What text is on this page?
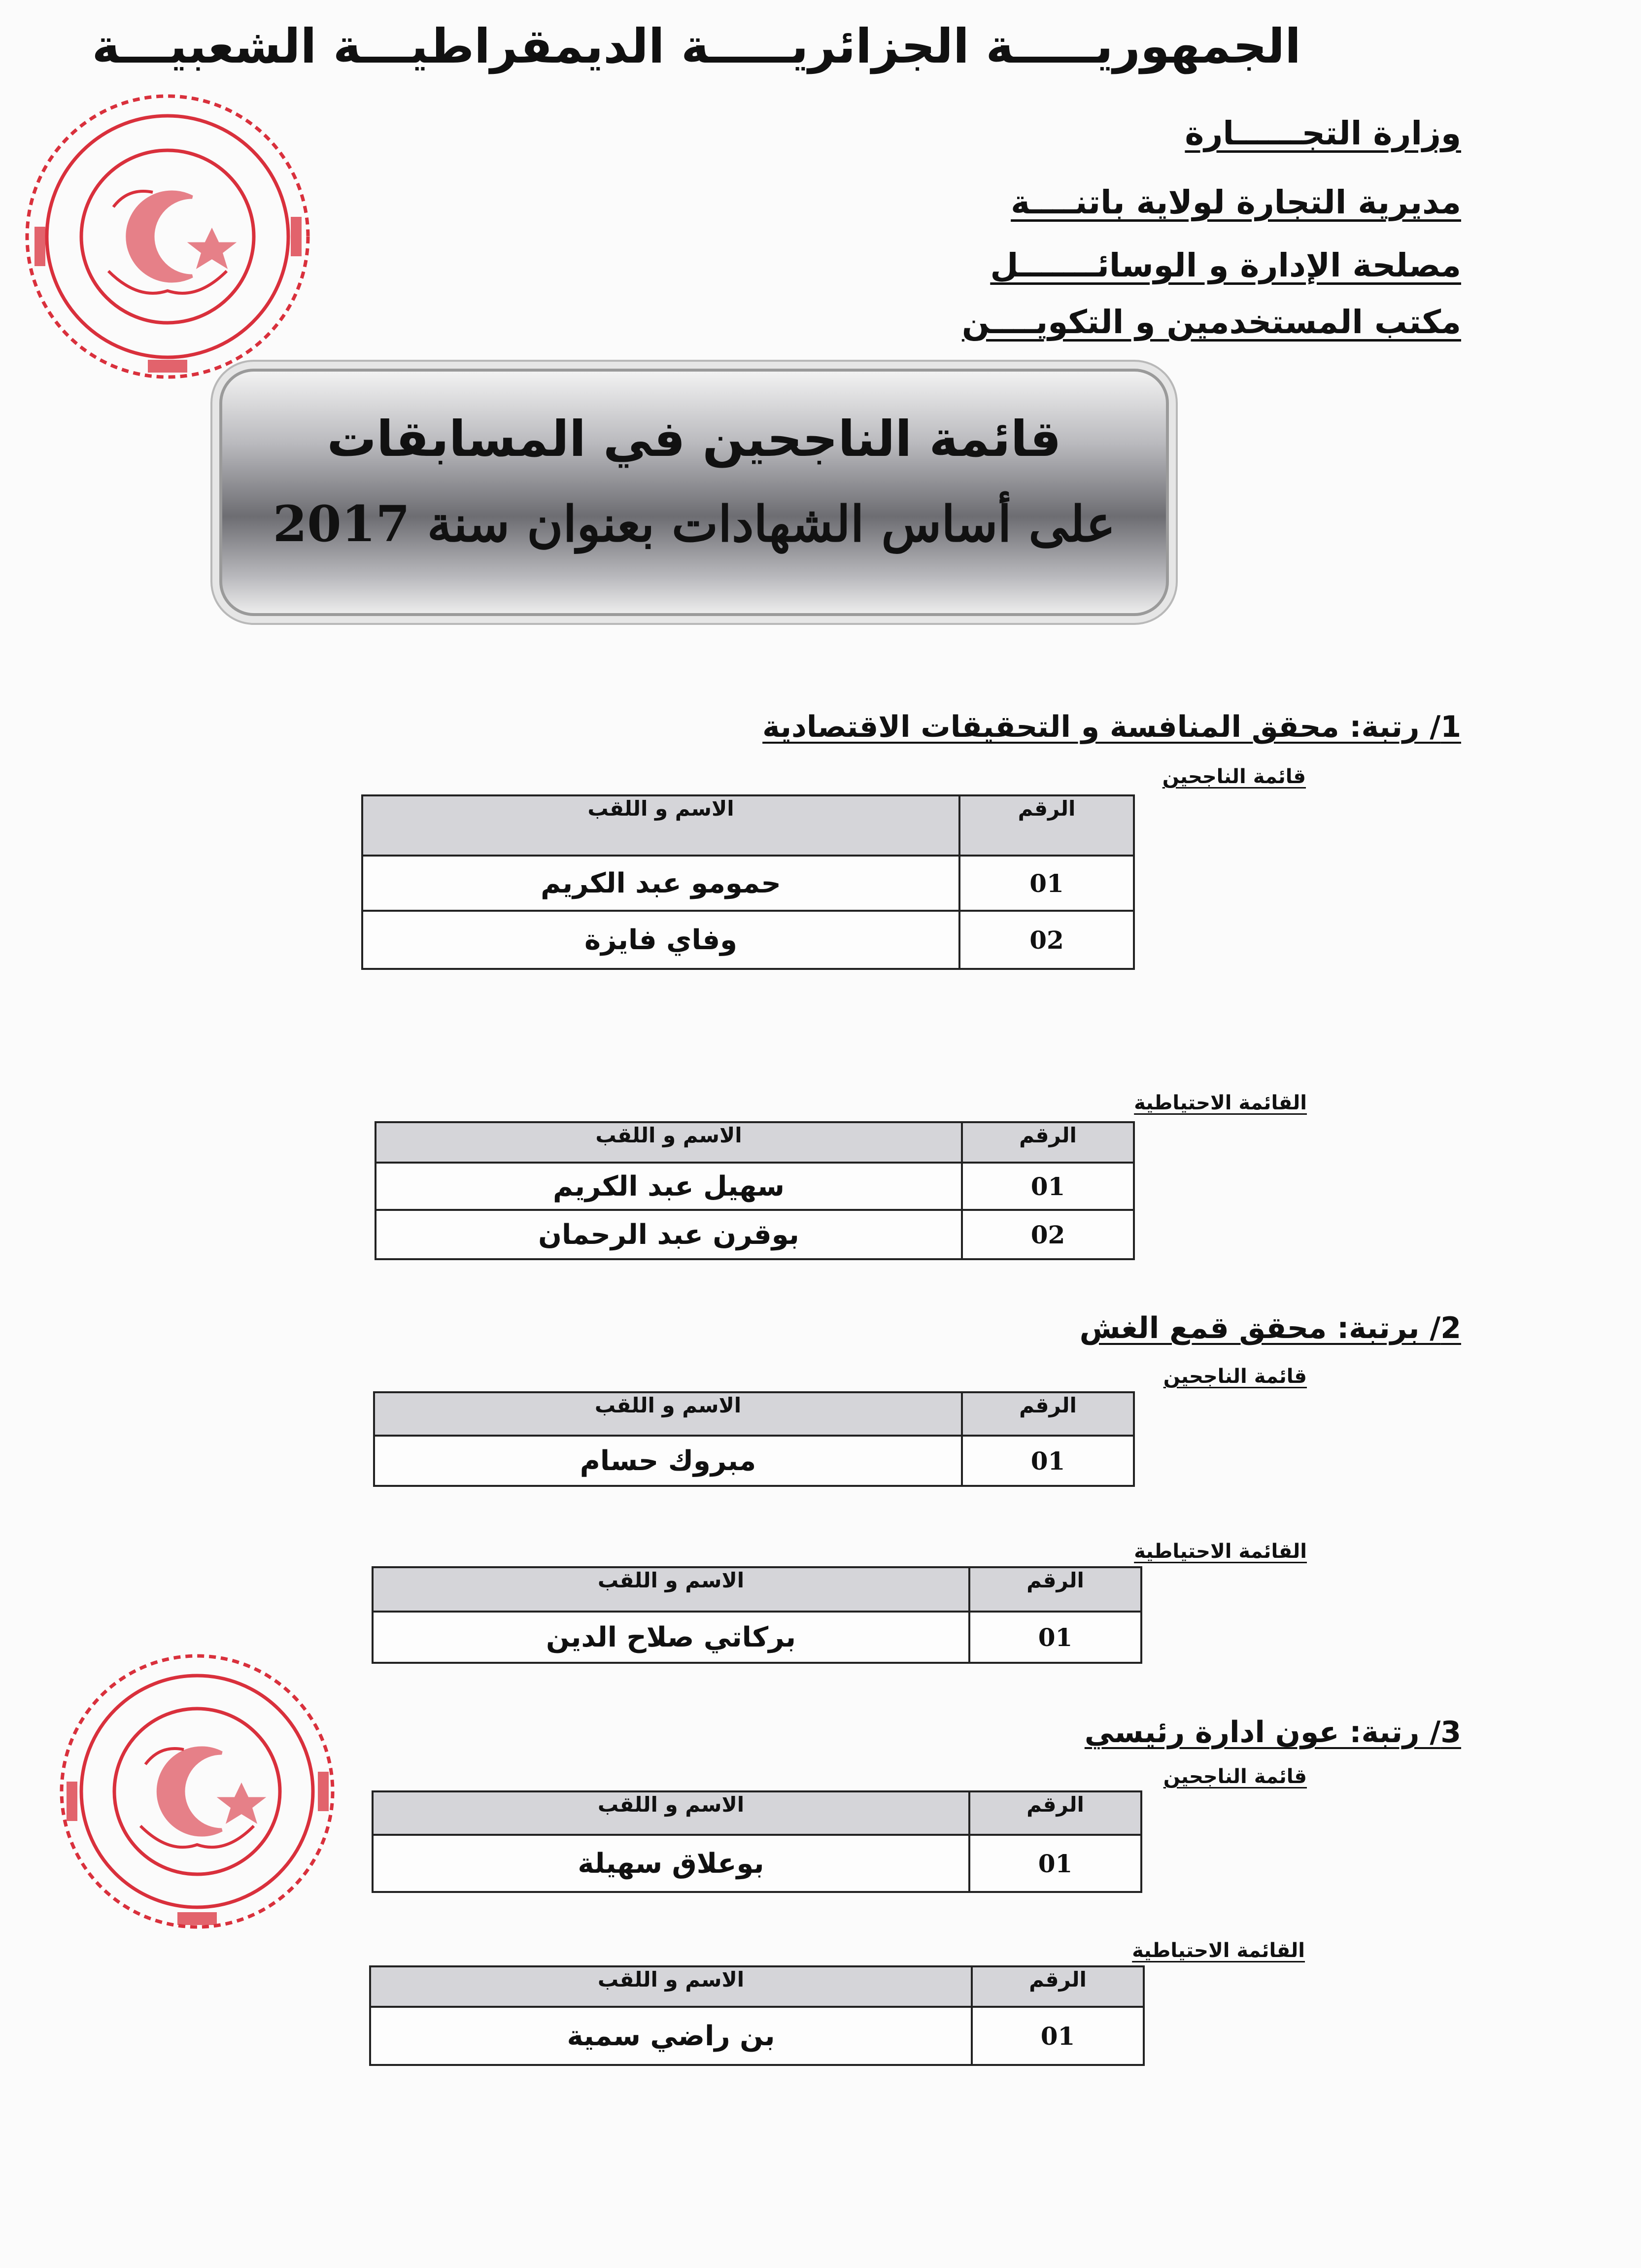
الجمهوريـــــة الجزائريـــــة الديمقراطيـــة الشعبيـــة
وزارة التجــــــارة
مديرية التجارة لولاية باتنــــة
مصلحة الإدارة و الوسائـــــــل
مكتب المستخدمين و التكويــــن
قائمة الناجحين في المسابقات
على أساس الشهادات بعنوان سنة 2017
1/ رتبة: محقق المنافسة و التحقيقات الاقتصادية
قائمة الناجحين
الرقم	الاسم و اللقب
01	حمومو عبد الكريم
02	وفاي فايزة
القائمة الاحتياطية
الرقم	الاسم و اللقب
01	سهيل عبد الكريم
02	بوقرن عبد الرحمان
2/ برتبة: محقق قمع الغش
قائمة الناجحين
الرقم	الاسم و اللقب
01	مبروك حسام
القائمة الاحتياطية
الرقم	الاسم و اللقب
01	بركاتي صلاح الدين
3/ رتبة: عون ادارة رئيسي
قائمة الناجحين
الرقم	الاسم و اللقب
01	بوعلاق سهيلة
القائمة الاحتياطية
الرقم	الاسم و اللقب
01	بن راضي سمية
